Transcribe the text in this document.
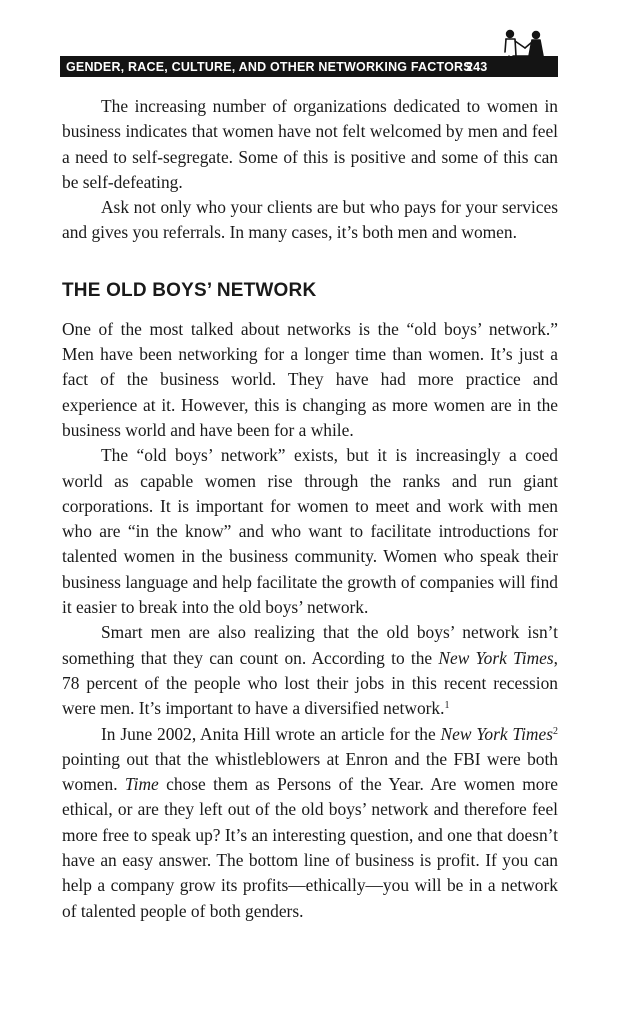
GENDER, RACE, CULTURE, AND OTHER NETWORKING FACTORS
243

The increasing number of organizations dedicated to women in business indicates that women have not felt welcomed by men and feel a need to self-segregate. Some of this is positive and some of this can be self-defeating.

Ask not only who your clients are but who pays for your services and gives you referrals. In many cases, it’s both men and women.

THE OLD BOYS’ NETWORK

One of the most talked about networks is the “old boys’ network.” Men have been networking for a longer time than women. It’s just a fact of the business world. They have had more practice and experience at it. However, this is changing as more women are in the business world and have been for a while.

The “old boys’ network” exists, but it is increasingly a coed world as capable women rise through the ranks and run giant corporations. It is important for women to meet and work with men who are “in the know” and who want to facilitate introductions for talented women in the business community. Women who speak their business language and help facilitate the growth of companies will find it easier to break into the old boys’ network.

Smart men are also realizing that the old boys’ network isn’t something that they can count on. According to the New York Times, 78 percent of the people who lost their jobs in this recent recession were men. It’s important to have a diversified network.$^1$

In June 2002, Anita Hill wrote an article for the New York Times$^2$ pointing out that the whistleblowers at Enron and the FBI were both women. Time chose them as Persons of the Year. Are women more ethical, or are they left out of the old boys’ network and therefore feel more free to speak up? It’s an interesting question, and one that doesn’t have an easy answer. The bottom line of business is profit. If you can help a company grow its profits—ethically—you will be in a network of talented people of both genders.
